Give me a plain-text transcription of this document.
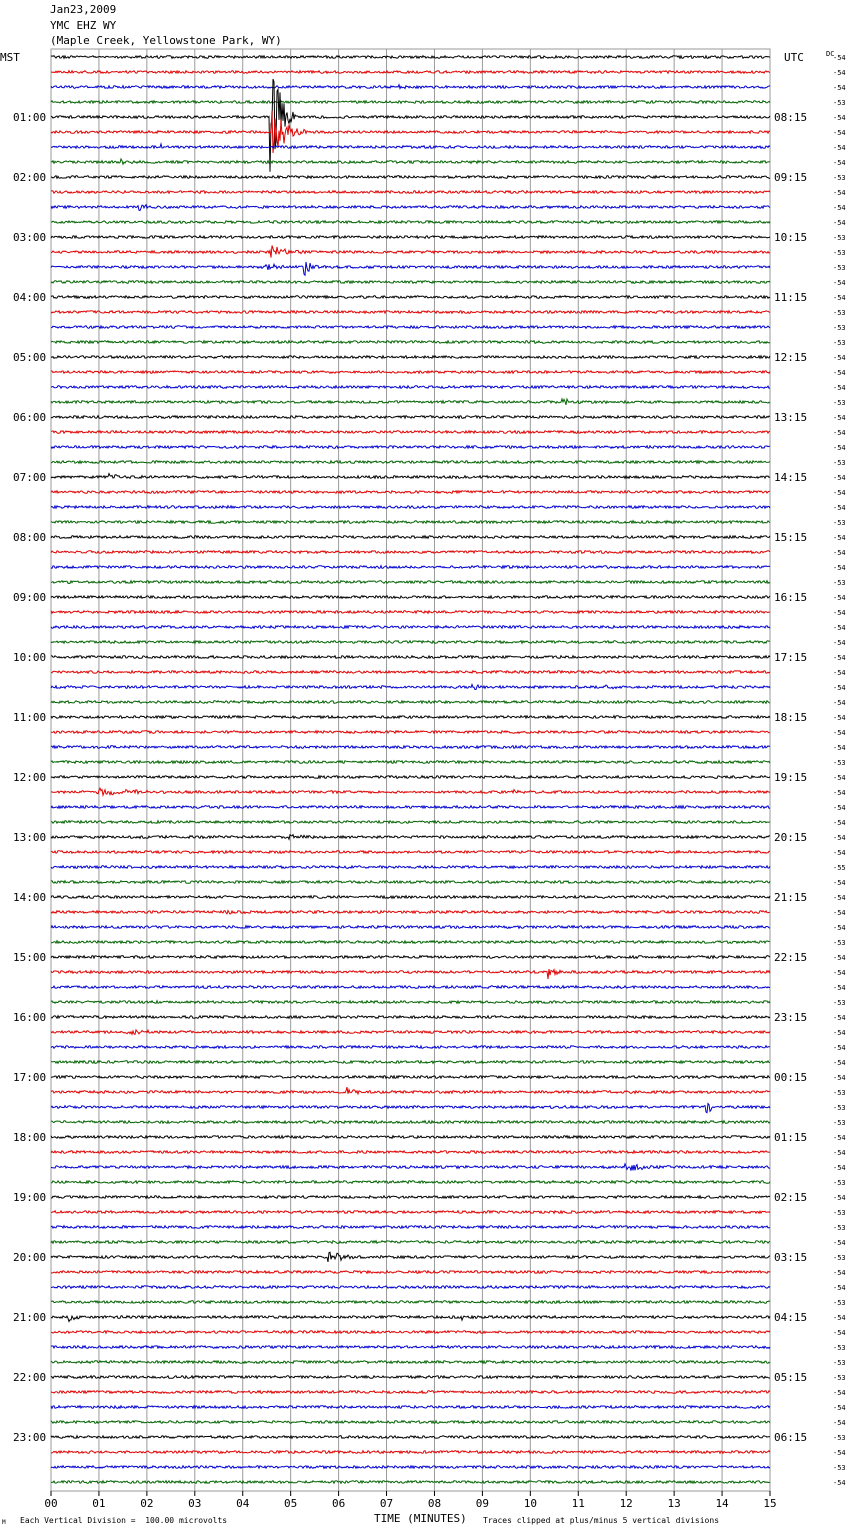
Jan23,2009
YMC EHZ WY
(Maple Creek, Yellowstone Park, WY)
-54
-54
-54
-53
-54
-54
-54
-54
-53
-54
-54
-54
-53
-53
-53
-54
-54
-53
-53
-53
-54
-54
-54
-53
-54
-54
-54
-53
-54
-54
-54
-53
-54
-54
-54
-53
-54
-54
-54
-54
-54
-54
-54
-54
-54
-54
-54
-53
-54
-54
-54
-54
-54
-54
-55
-54
-54
-54
-54
-53
-54
-54
-54
-53
-54
-54
-54
-54
-54
-53
-53
-53
-54
-54
-54
-53
-54
-53
-53
-54
-53
-54
-54
-53
-54
-54
-53
-53
-53
-54
-54
-54
-53
-54
-53
-54
01:00
02:00
03:00
04:00
05:00
06:00
07:00
08:00
09:00
10:00
11:00
12:00
13:00
14:00
15:00
16:00
17:00
18:00
19:00
20:00
21:00
22:00
23:00
08:15
09:15
10:15
11:15
12:15
13:15
14:15
15:15
16:15
17:15
18:15
19:15
20:15
21:15
22:15
23:15
00:15
01:15
02:15
03:15
04:15
05:15
06:15
MST	UTC	DC
00	01	02	03	04	05	06	07	08	09	10	11	12	13	14	15
Each Vertical Division =  100.00 microvolts	TIME (MINUTES) Traces clipped at plus/minus 5 vertical divisions
M
